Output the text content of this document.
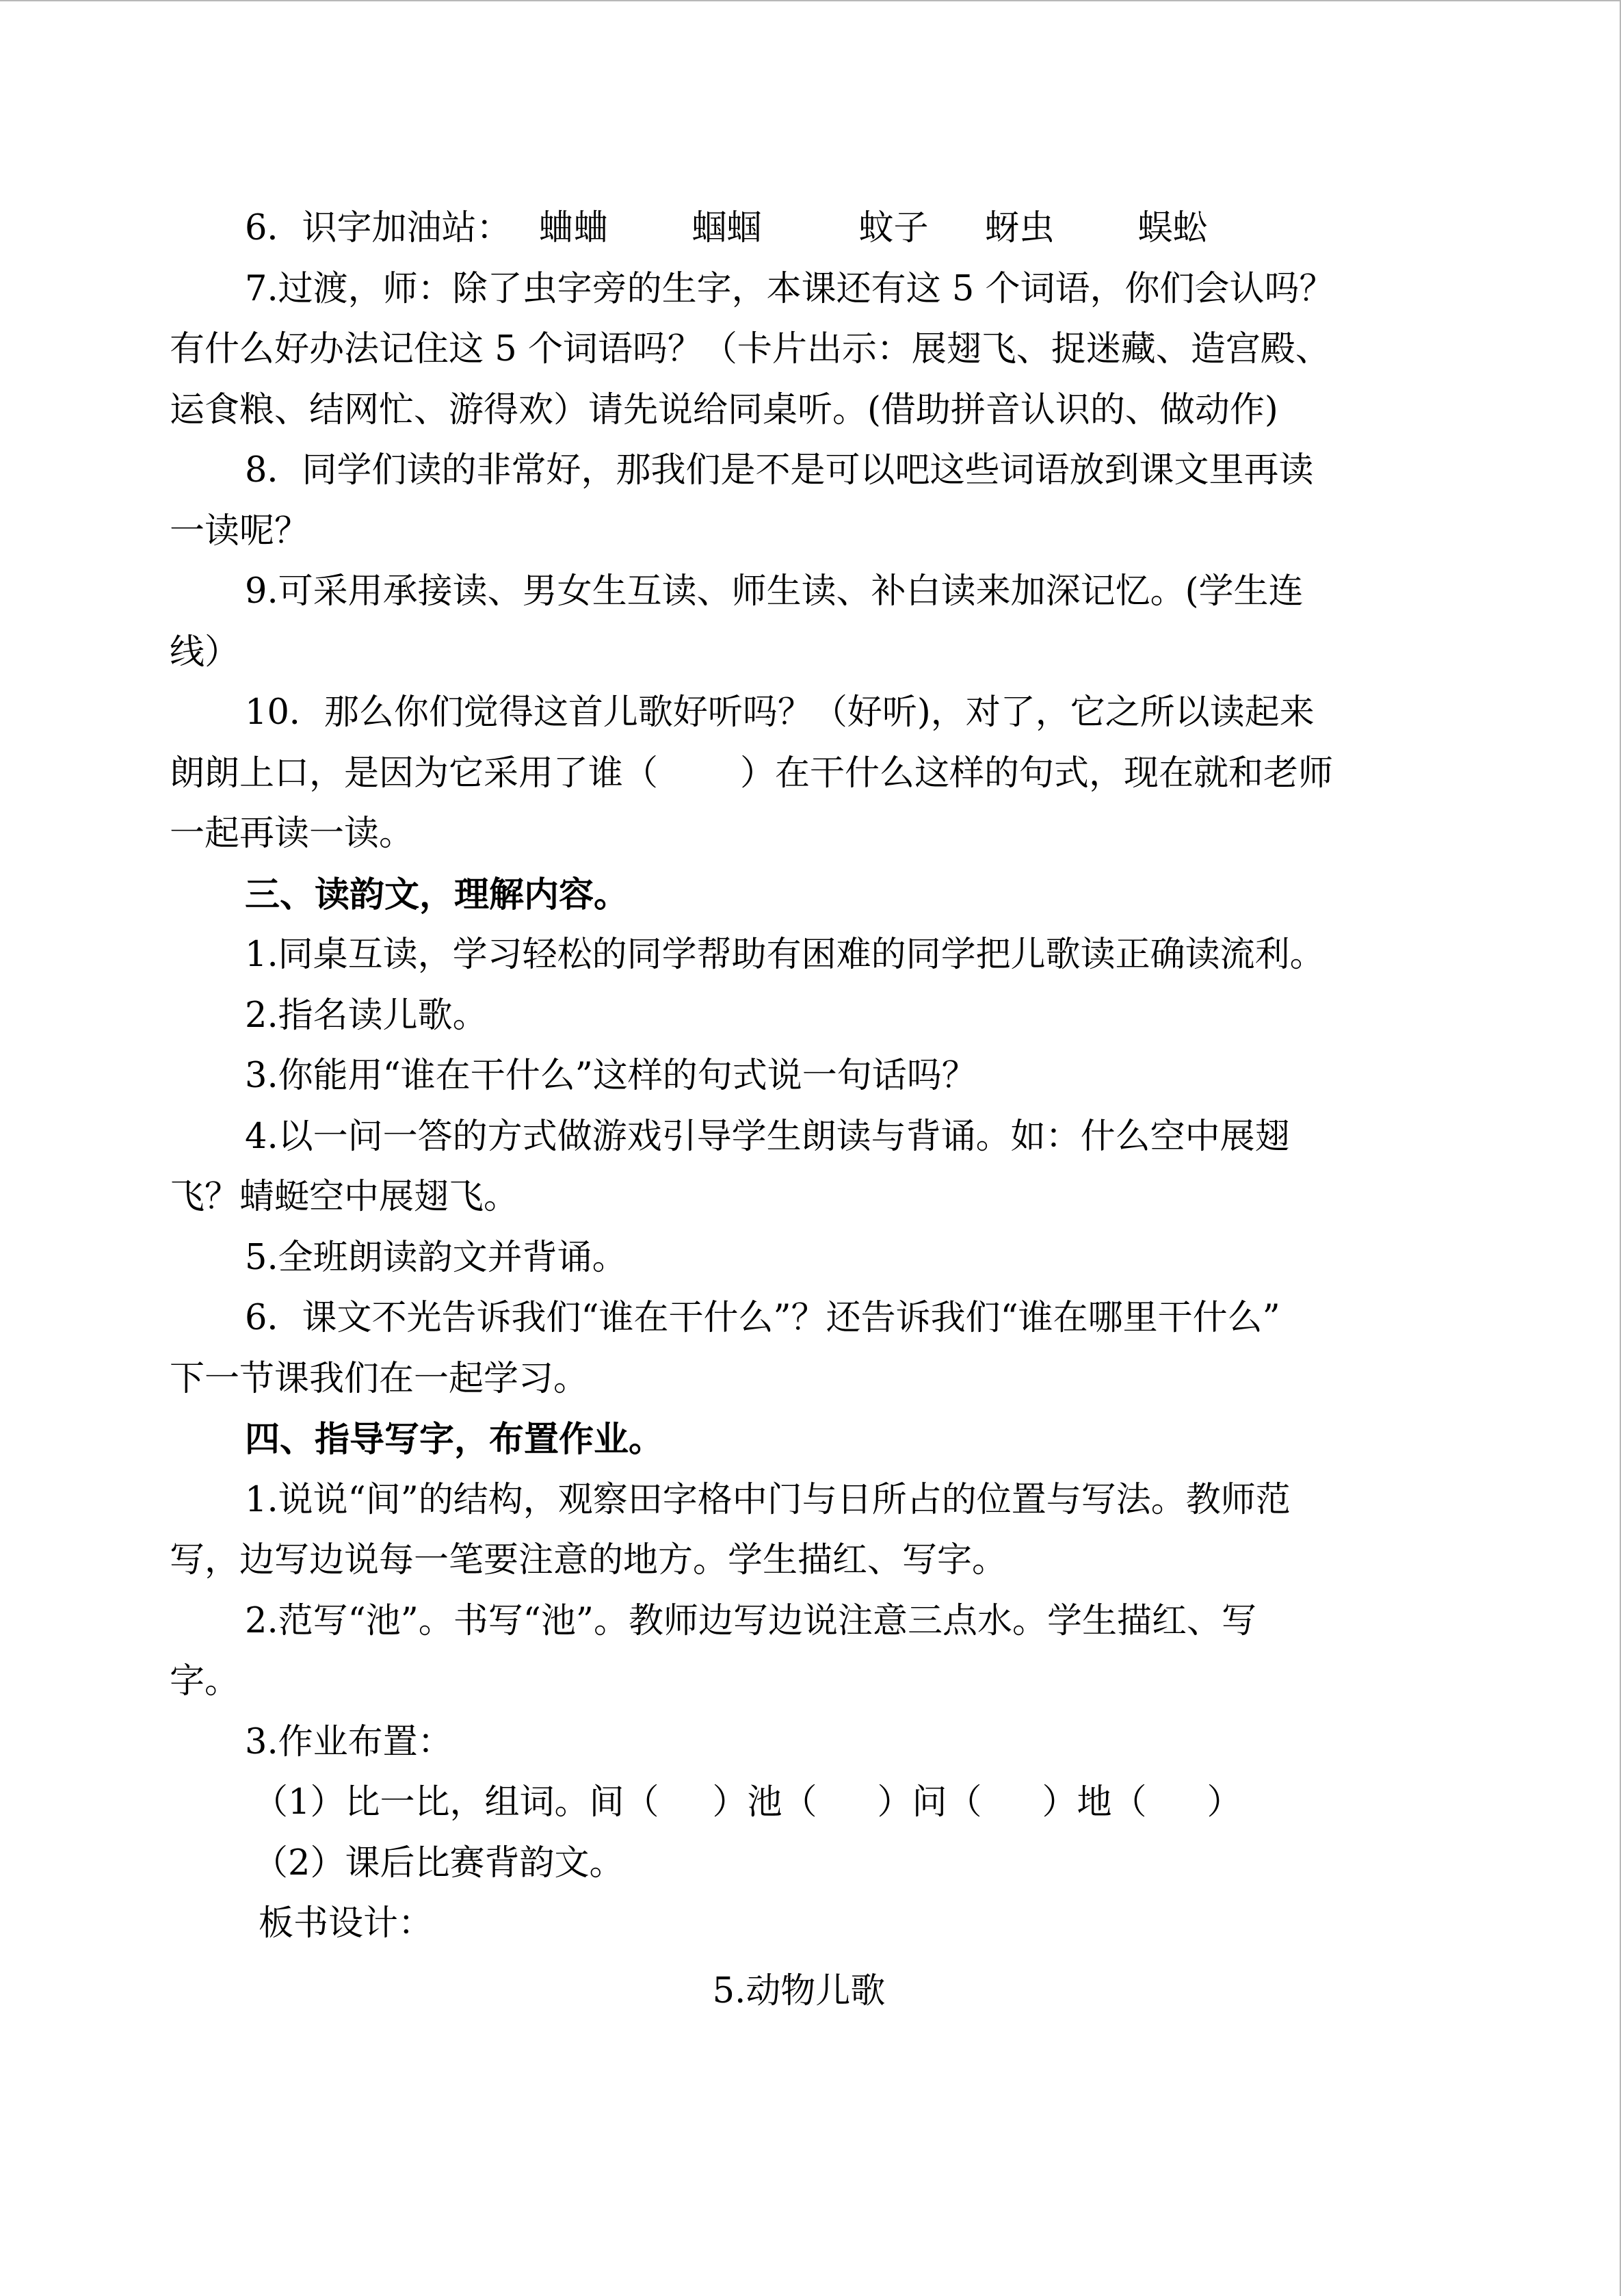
6．识字加油站： 蛐蛐 蝈蝈	蚊子 蚜虫 蜈蚣
7.过渡，师：除了虫字旁的生字，本课还有这 5 个词语，你们会认吗？
有什么好办法记住这 5 个词语吗？（卡片出示：展翅飞、捉迷藏、造宫殿、
运食粮、结网忙、游得欢）请先说给同桌听。(借助拼音认识的、做动作)
8．同学们读的非常好，那我们是不是可以吧这些词语放到课文里再读
一读呢？
9.可采用承接读、男女生互读、师生读、补白读来加深记忆。(学生连
线）
10．那么你们觉得这首儿歌好听吗？（好听)，对了，它之所以读起来
朗朗上口，是因为它采用了谁（ ）在干什么这样的句式，现在就和老师
一起再读一读。
三、读韵文，理解内容。
1.同桌互读，学习轻松的同学帮助有困难的同学把儿歌读正确读流利。
2.指名读儿歌。
3.你能用“谁在干什么”这样的句式说一句话吗？
4.以一问一答的方式做游戏引导学生朗读与背诵。如：什么空中展翅
飞？蜻蜓空中展翅飞。
5.全班朗读韵文并背诵。
6．课文不光告诉我们“谁在干什么”？还告诉我们“谁在哪里干什么”
下一节课我们在一起学习。
四、指导写字，布置作业。
1.说说“间”的结构，观察田字格中门与日所占的位置与写法。教师范
写，边写边说每一笔要注意的地方。学生描红、写字。
2.范写“池”。书写“池”。教师边写边说注意三点水。学生描红、写
字。
3.作业布置：
（1）比一比，组词。间（ ）池（ ）问（ ）地（ ）
（2）课后比赛背韵文。
板书设计：
5.动物儿歌
